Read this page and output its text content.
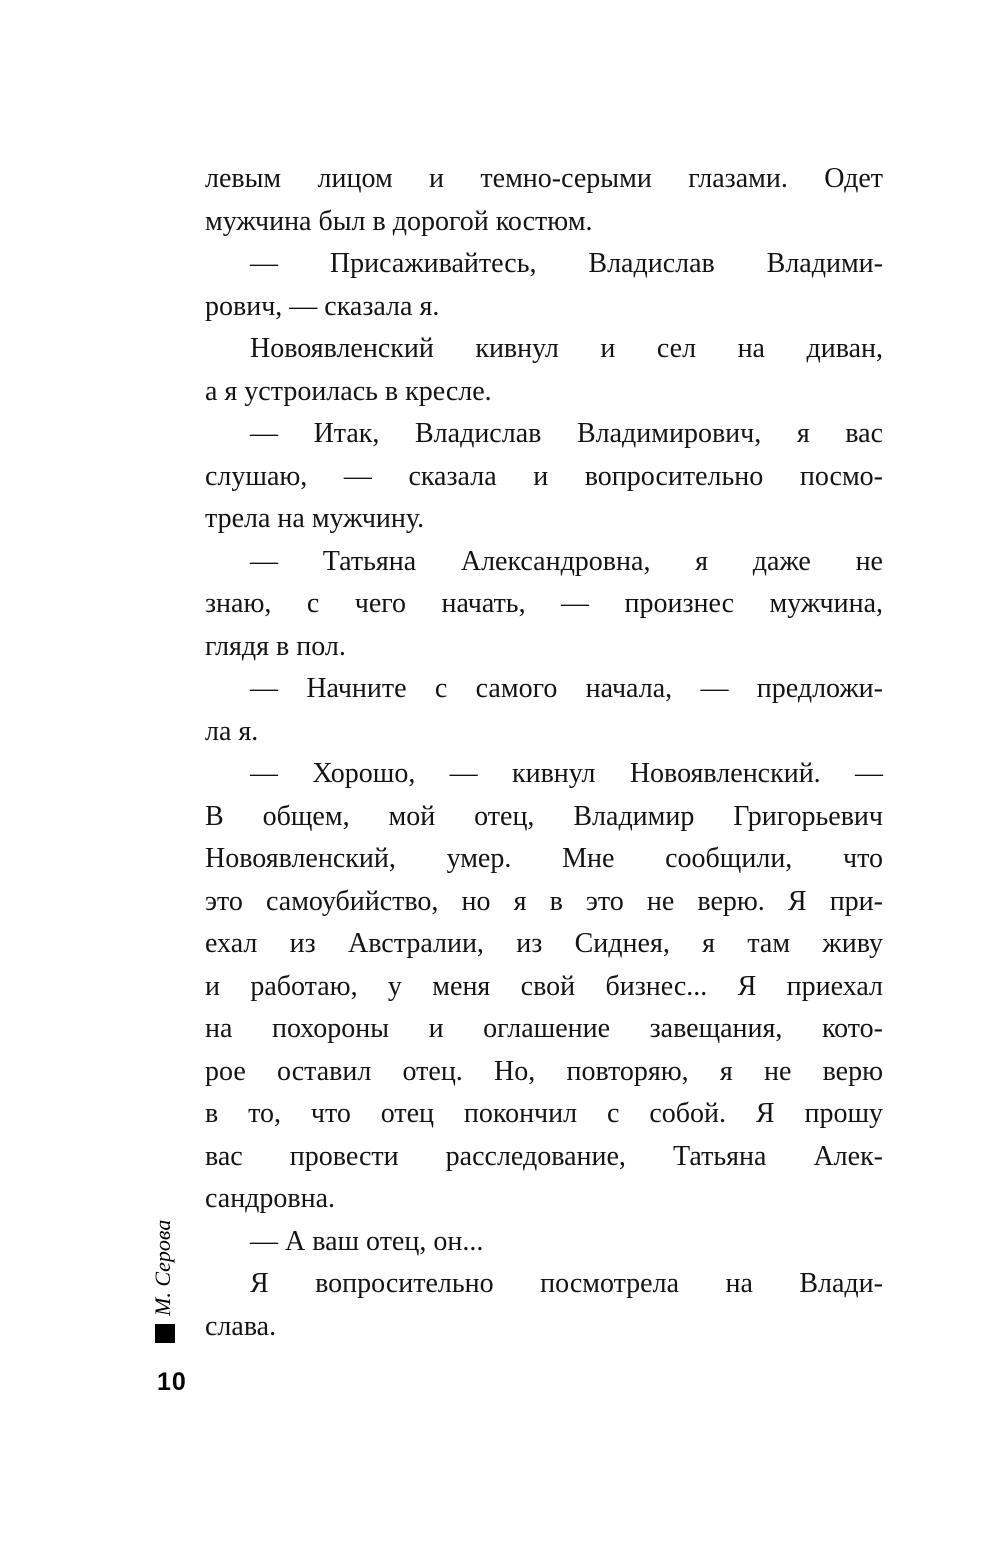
левым лицом и темно-серыми глазами. Одет
мужчина был в дорогой костюм.
— Присаживайтесь, Владислав Владими-
рович, — сказала я.
Новоявленский кивнул и сел на диван,
а я устроилась в кресле.
— Итак, Владислав Владимирович, я вас
слушаю, — сказала и вопросительно посмо-
трела на мужчину.
— Татьяна Александровна, я даже не
знаю, с чего начать, — произнес мужчина,
глядя в пол.
— Начните с самого начала, — предложи-
ла я.
— Хорошо, — кивнул Новоявленский. —
В общем, мой отец, Владимир Григорьевич
Новоявленский, умер. Мне сообщили, что
это самоубийство, но я в это не верю. Я при-
ехал из Австралии, из Сиднея, я там живу
и работаю, у меня свой бизнес... Я приехал
на похороны и оглашение завещания, кото-
рое оставил отец. Но, повторяю, я не верю
в то, что отец покончил с собой. Я прошу
вас провести расследование, Татьяна Алек-
сандровна.
— А ваш отец, он...
Я вопросительно посмотрела на Влади-
слава.
М. Серова
10
